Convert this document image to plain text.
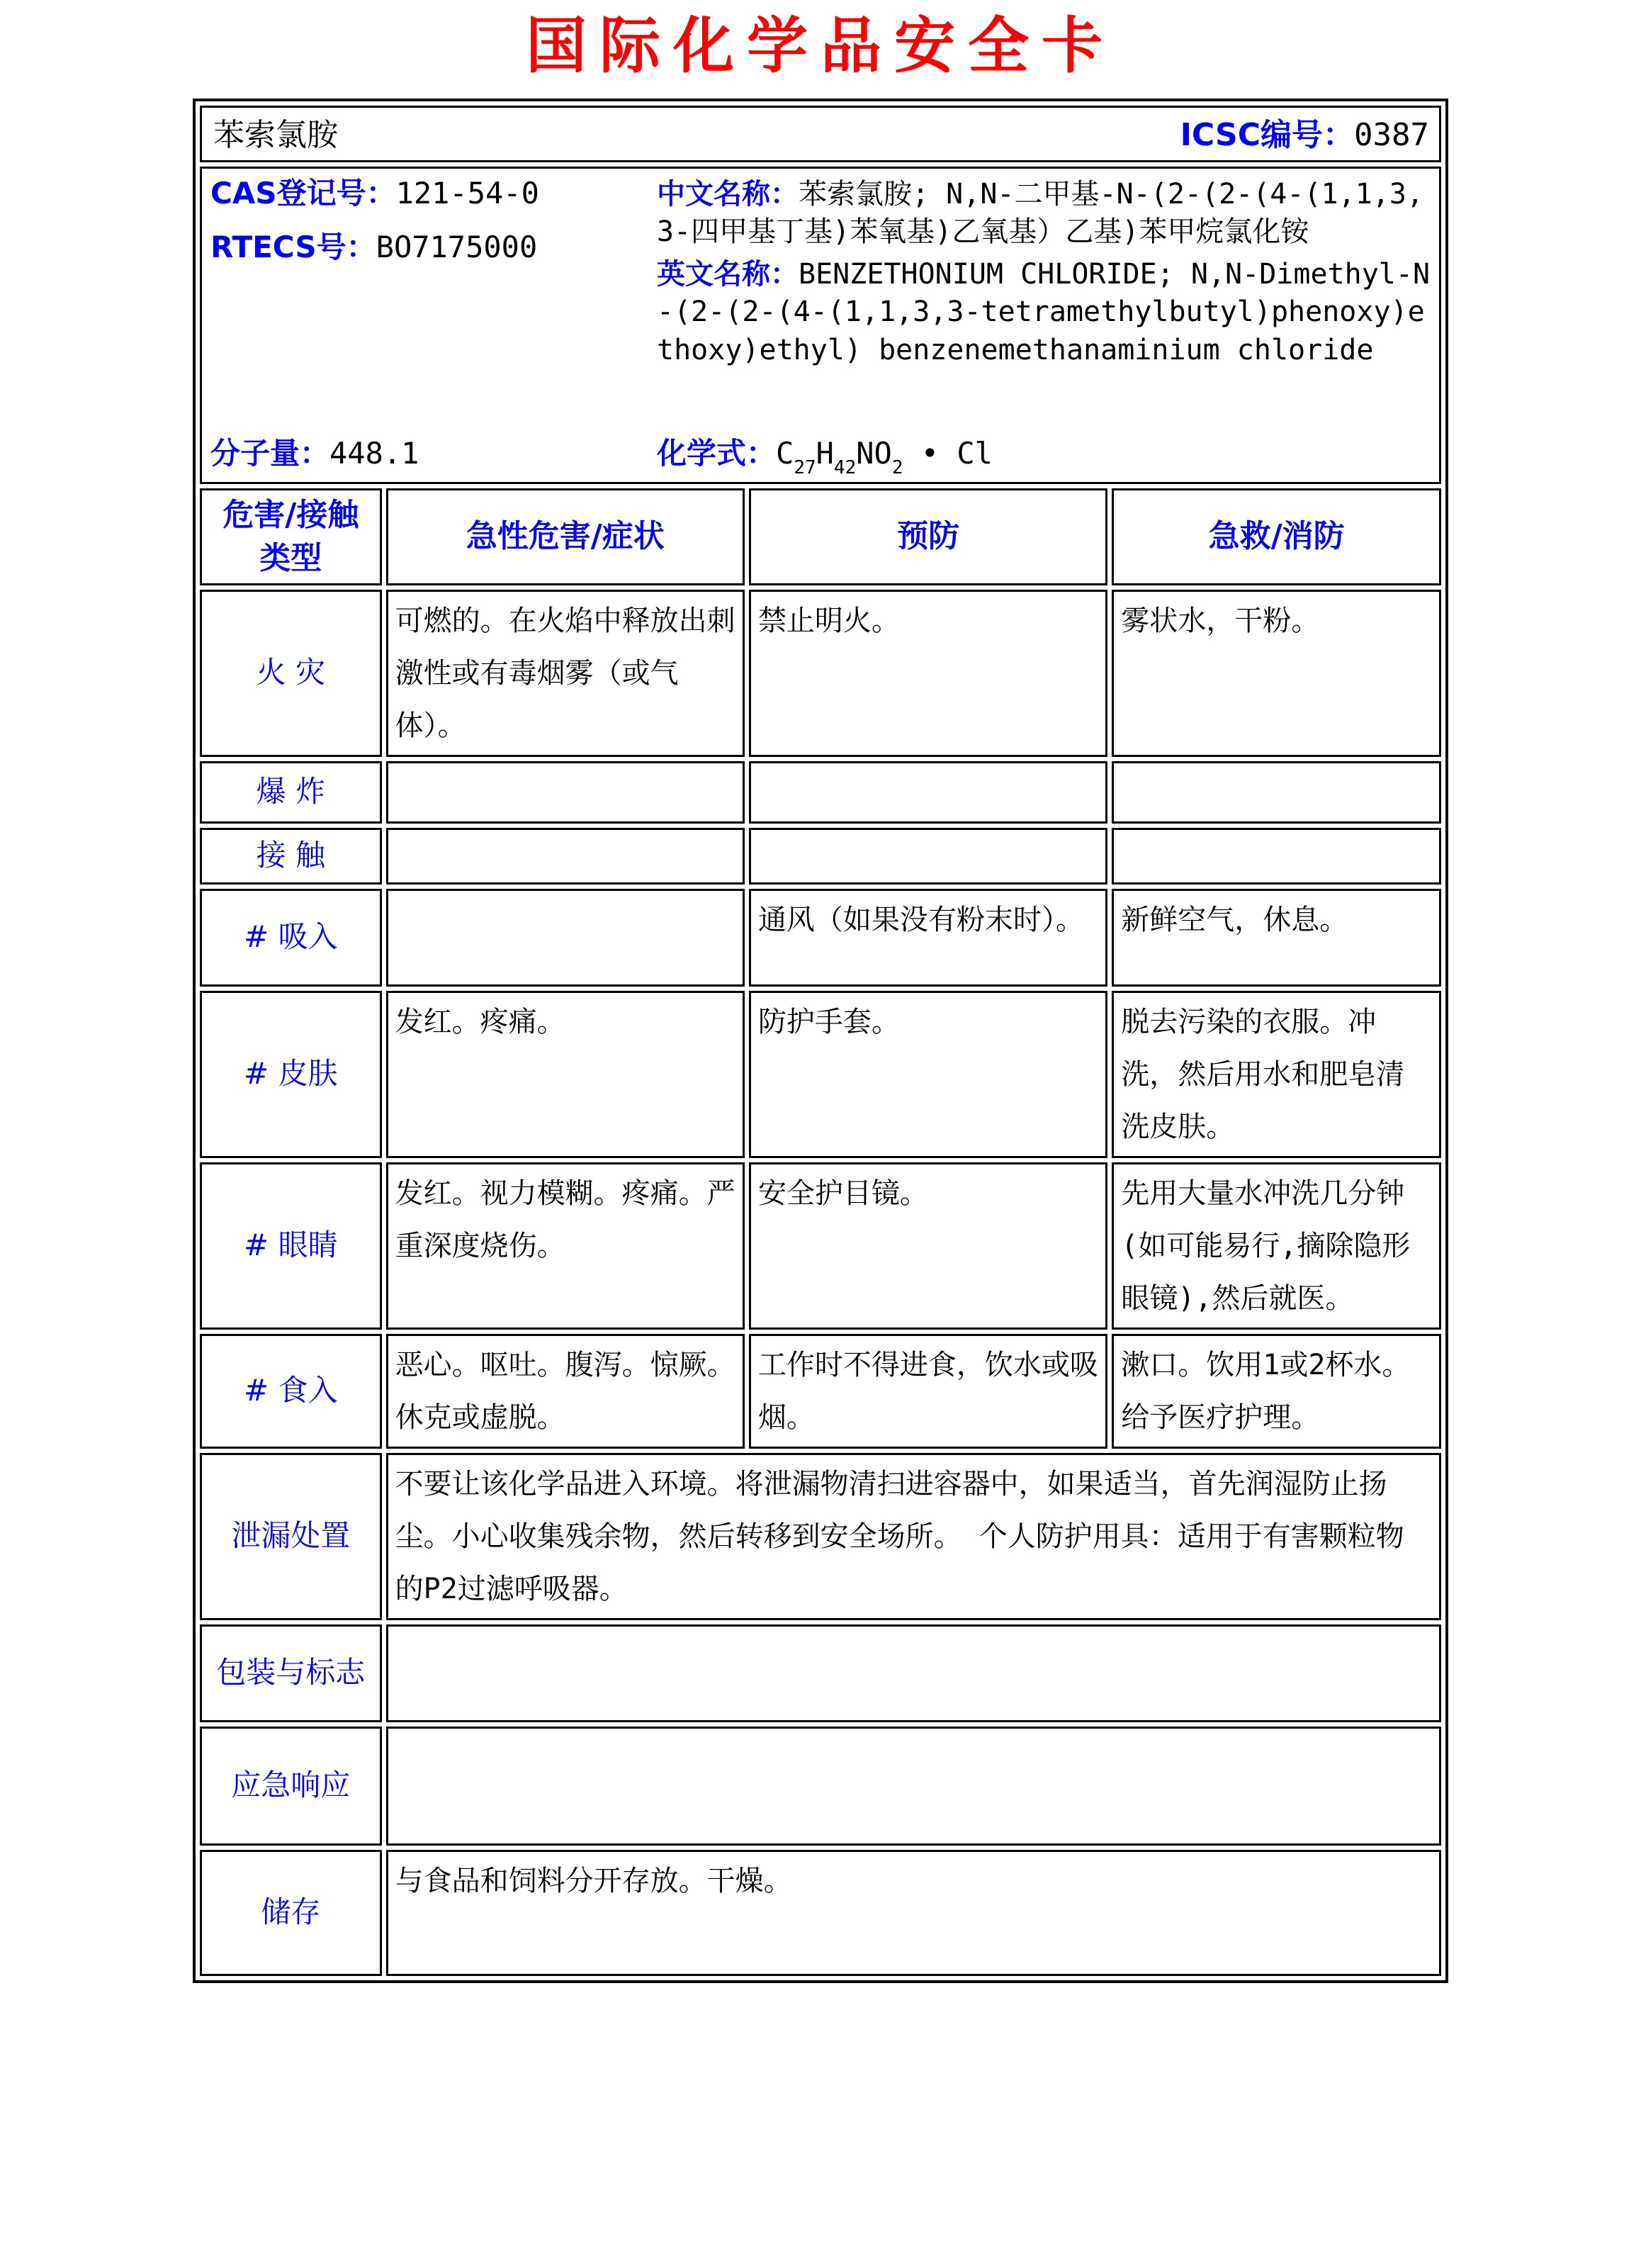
国际化学品安全卡
苯索氯胺 ICSC编号：0387			

CAS登记号：121-54-0
RTECS号：BO7175000

中文名称：苯索氯胺; N,N-二甲基-N-(2-(2-(4-(1,1,3,3-四甲基丁基)苯氧基)乙氧基）乙基)苯甲烷氯化铵

英文名称：BENZETHONIUM CHLORIDE; N,N-Dimethyl-N-(2-(2-(4-(1,1,3,3-tetramethylbutyl)phenoxy)ethoxy)ethyl) benzenemethanaminium chloride

分子量：448.1	化学式：$C_{27}H_{42}NO_2$ • Cl

危害/接触类型	急性危害/症状	预防	急救/消防
火 灾	可燃的。在火焰中释放出刺激性或有毒烟雾（或气体）。	禁止明火。	雾状水，干粉。
爆 炸			
接 触			
# 吸入		通风（如果没有粉末时）。	新鲜空气，休息。
# 皮肤	发红。疼痛。	防护手套。	脱去污染的衣服。冲洗，然后用水和肥皂清洗皮肤。
# 眼睛	发红。视力模糊。疼痛。严重深度烧伤。	安全护目镜。	先用大量水冲洗几分钟(如可能易行,摘除隐形眼镜),然后就医。
# 食入	恶心。呕吐。腹泻。惊厥。休克或虚脱。	工作时不得进食，饮水或吸烟。	漱口。饮用1或2杯水。给予医疗护理。
泄漏处置	不要让该化学品进入环境。将泄漏物清扫进容器中，如果适当，首先润湿防止扬尘。小心收集残余物，然后转移到安全场所。 个人防护用具：适用于有害颗粒物的P2过滤呼吸器。		
包装与标志			
应急响应			
储存	与食品和饲料分开存放。干燥。		
